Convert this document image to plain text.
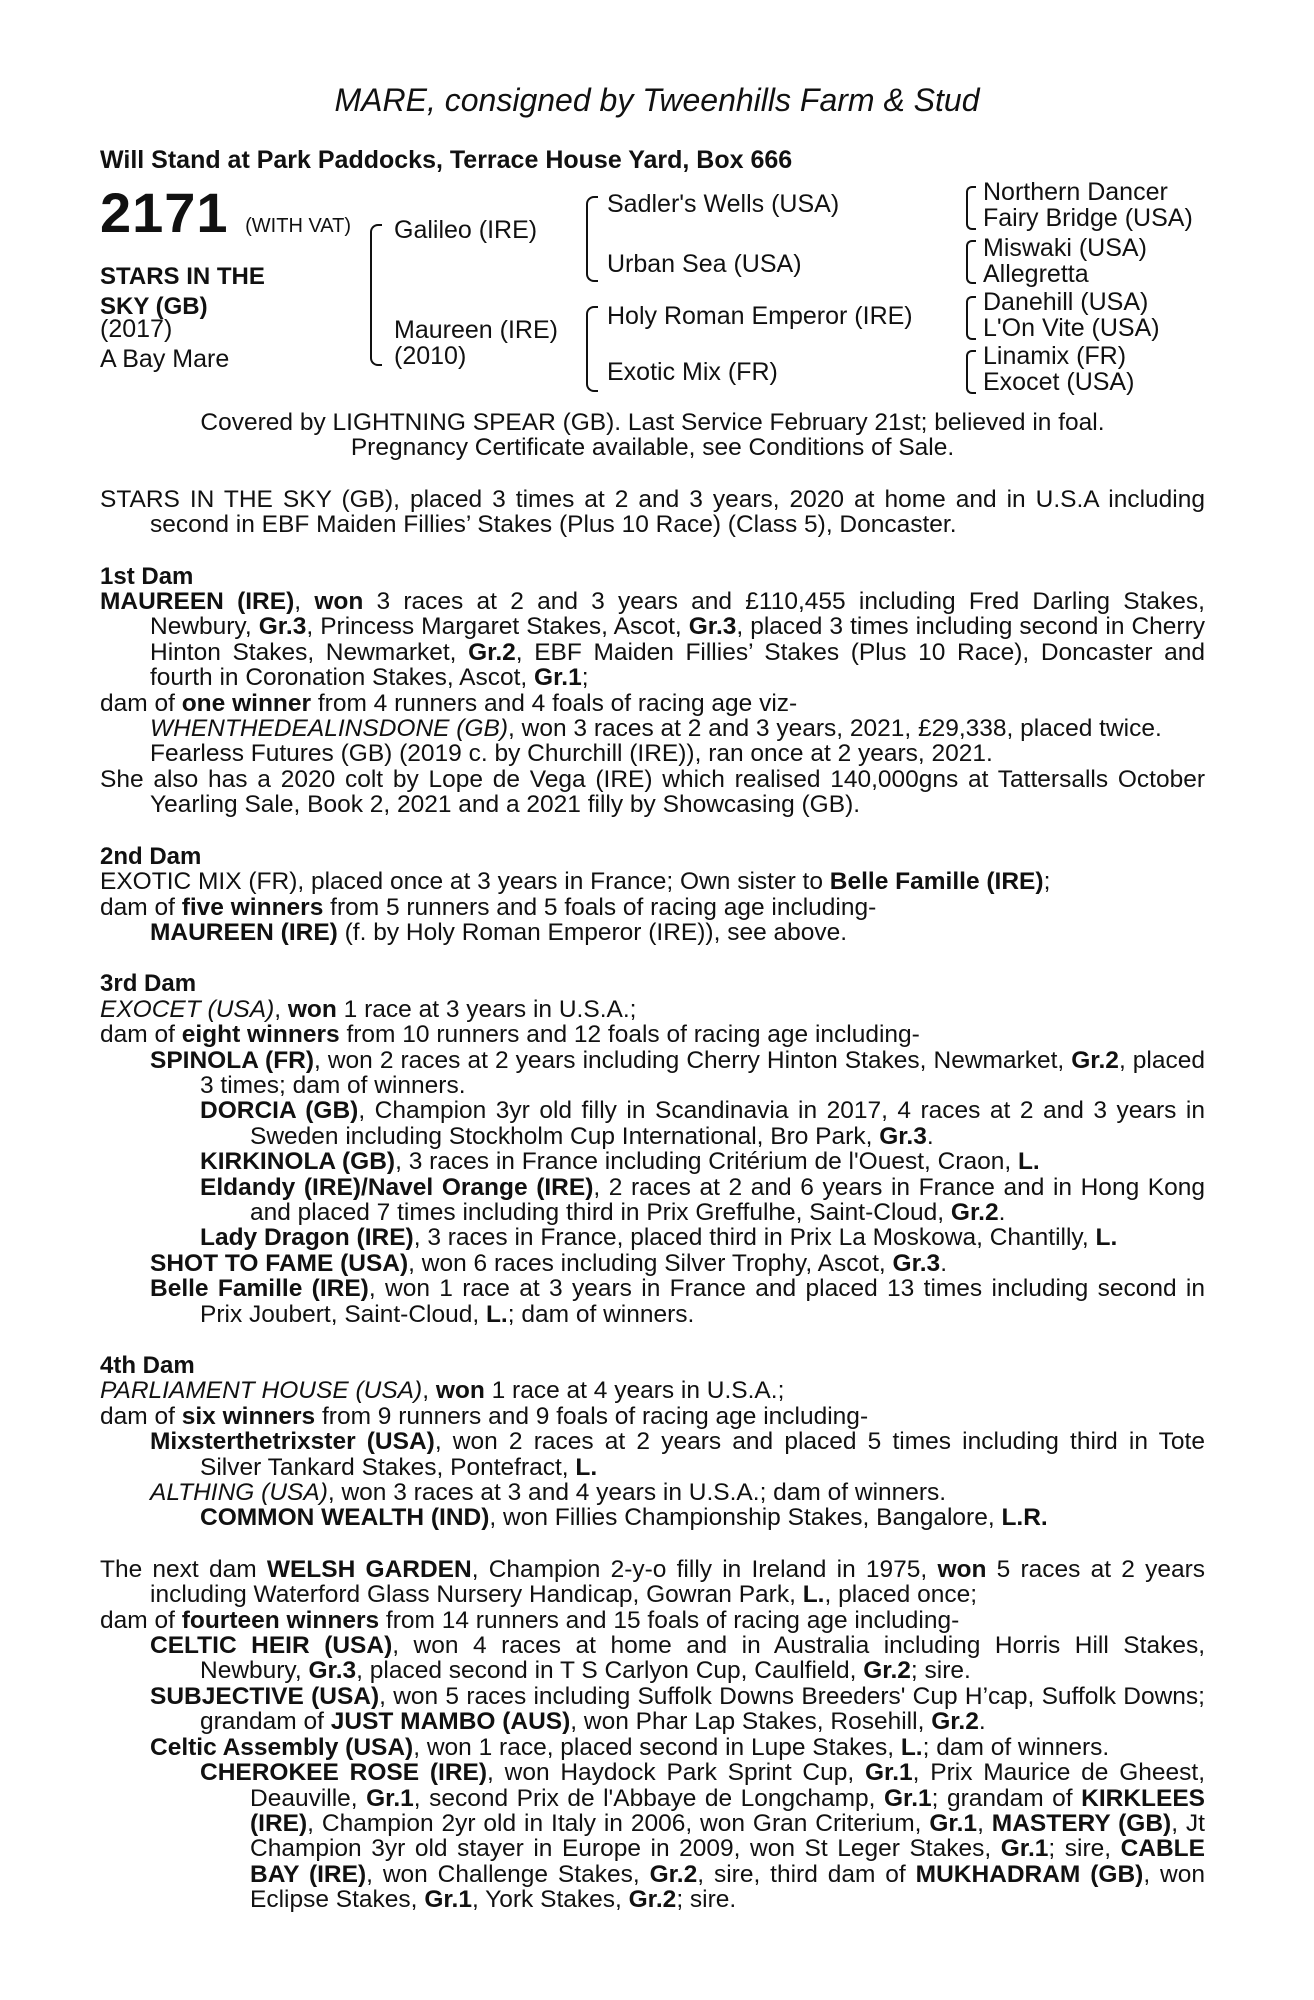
MARE, consigned by Tweenhills Farm & Stud
Will Stand at Park Paddocks, Terrace House Yard, Box 666
2171 (WITH VAT)
STARS IN THE
SKY (GB)
(2017)
A Bay Mare
Galileo (IRE)
Maureen (IRE)
(2010)
Sadler's Wells (USA)
Urban Sea (USA)
Holy Roman Emperor (IRE)
Exotic Mix (FR)
Northern Dancer
Fairy Bridge (USA)
Miswaki (USA)
Allegretta
Danehill (USA)
L'On Vite (USA)
Linamix (FR)
Exocet (USA)

Covered by LIGHTNING SPEAR (GB). Last Service February 21st; believed in foal.

Pregnancy Certificate available, see Conditions of Sale.

STARS IN THE SKY (GB), placed 3 times at 2 and 3 years, 2020 at home and in U.S.A including second in EBF Maiden Fillies’ Stakes (Plus 10 Race) (Class 5), Doncaster.

1st Dam

MAUREEN (IRE), won 3 races at 2 and 3 years and £110,455 including Fred Darling Stakes, Newbury, Gr.3, Princess Margaret Stakes, Ascot, Gr.3, placed 3 times including second in Cherry Hinton Stakes, Newmarket, Gr.2, EBF Maiden Fillies’ Stakes (Plus 10 Race), Doncaster and fourth in Coronation Stakes, Ascot, Gr.1;

dam of one winner from 4 runners and 4 foals of racing age viz-

WHENTHEDEALINSDONE (GB), won 3 races at 2 and 3 years, 2021, £29,338, placed twice.

Fearless Futures (GB) (2019 c. by Churchill (IRE)), ran once at 2 years, 2021.

She also has a 2020 colt by Lope de Vega (IRE) which realised 140,000gns at Tattersalls October Yearling Sale, Book 2, 2021 and a 2021 filly by Showcasing (GB).

2nd Dam

EXOTIC MIX (FR), placed once at 3 years in France; Own sister to Belle Famille (IRE);

dam of five winners from 5 runners and 5 foals of racing age including-

MAUREEN (IRE) (f. by Holy Roman Emperor (IRE)), see above.

3rd Dam

EXOCET (USA), won 1 race at 3 years in U.S.A.;

dam of eight winners from 10 runners and 12 foals of racing age including-

SPINOLA (FR), won 2 races at 2 years including Cherry Hinton Stakes, Newmarket, Gr.2, placed 3 times; dam of winners.

DORCIA (GB), Champion 3yr old filly in Scandinavia in 2017, 4 races at 2 and 3 years in Sweden including Stockholm Cup International, Bro Park, Gr.3.

KIRKINOLA (GB), 3 races in France including Critérium de l'Ouest, Craon, L.

Eldandy (IRE)/Navel Orange (IRE), 2 races at 2 and 6 years in France and in Hong Kong and placed 7 times including third in Prix Greffulhe, Saint-Cloud, Gr.2.

Lady Dragon (IRE), 3 races in France, placed third in Prix La Moskowa, Chantilly, L.

SHOT TO FAME (USA), won 6 races including Silver Trophy, Ascot, Gr.3.

Belle Famille (IRE), won 1 race at 3 years in France and placed 13 times including second in Prix Joubert, Saint-Cloud, L.; dam of winners.

4th Dam

PARLIAMENT HOUSE (USA), won 1 race at 4 years in U.S.A.;

dam of six winners from 9 runners and 9 foals of racing age including-

Mixsterthetrixster (USA), won 2 races at 2 years and placed 5 times including third in Tote Silver Tankard Stakes, Pontefract, L.

ALTHING (USA), won 3 races at 3 and 4 years in U.S.A.; dam of winners.

COMMON WEALTH (IND), won Fillies Championship Stakes, Bangalore, L.R.

The next dam WELSH GARDEN, Champion 2-y-o filly in Ireland in 1975, won 5 races at 2 years including Waterford Glass Nursery Handicap, Gowran Park, L., placed once;

dam of fourteen winners from 14 runners and 15 foals of racing age including-

CELTIC HEIR (USA), won 4 races at home and in Australia including Horris Hill Stakes, Newbury, Gr.3, placed second in T S Carlyon Cup, Caulfield, Gr.2; sire.

SUBJECTIVE (USA), won 5 races including Suffolk Downs Breeders' Cup H’cap, Suffolk Downs; grandam of JUST MAMBO (AUS), won Phar Lap Stakes, Rosehill, Gr.2.

Celtic Assembly (USA), won 1 race, placed second in Lupe Stakes, L.; dam of winners.

CHEROKEE ROSE (IRE), won Haydock Park Sprint Cup, Gr.1, Prix Maurice de Gheest, Deauville, Gr.1, second Prix de l'Abbaye de Longchamp, Gr.1; grandam of KIRKLEES (IRE), Champion 2yr old in Italy in 2006, won Gran Criterium, Gr.1, MASTERY (GB), Jt Champion 3yr old stayer in Europe in 2009, won St Leger Stakes, Gr.1; sire, CABLE BAY (IRE), won Challenge Stakes, Gr.2, sire, third dam of MUKHADRAM (GB), won Eclipse Stakes, Gr.1, York Stakes, Gr.2; sire.
